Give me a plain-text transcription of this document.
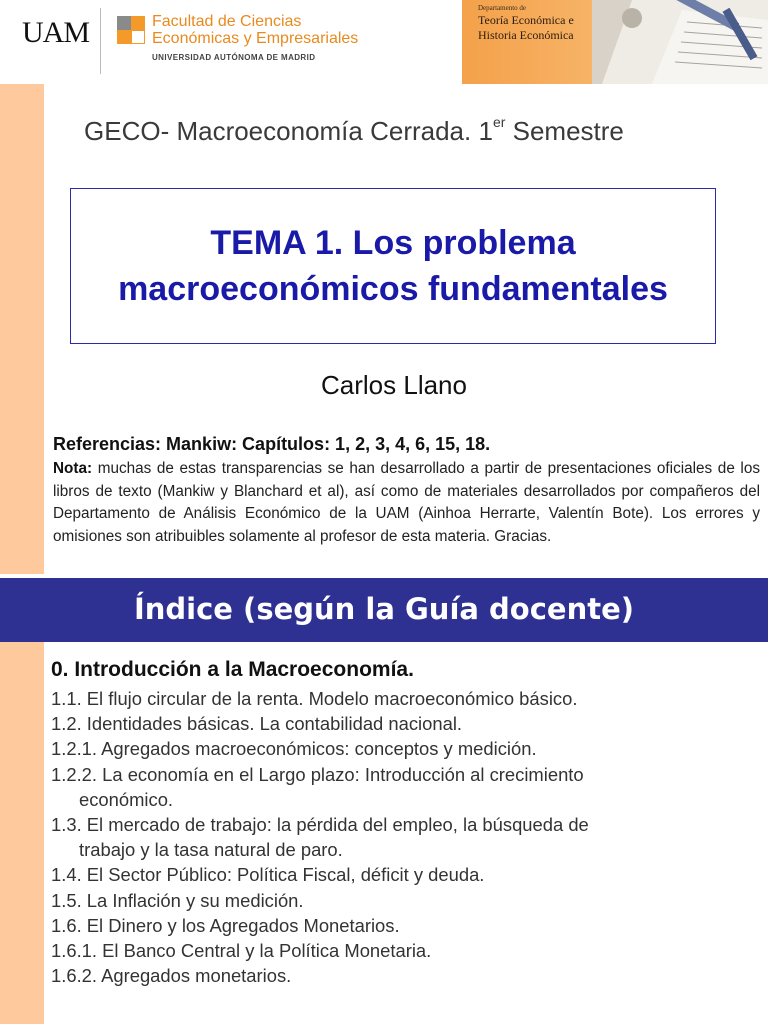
UAM	Facultad de Ciencias
Económicas y Empresariales
UNIVERSIDAD AUTÓNOMA DE MADRID
Departamento de
Teoría Económica e
Historia Económica
GECO- Macroeconomía Cerrada. 1er Semestre
TEMA 1. Los problema
macroeconómicos fundamentales
Carlos Llano
Referencias: Mankiw: Capítulos: 1, 2, 3, 4, 6, 15, 18.
Nota: muchas de estas transparencias se han desarrollado a partir de presentaciones oficiales de los libros de texto (Mankiw y Blanchard et al), así como de materiales desarrollados por compañeros del Departamento de Análisis Económico de la UAM (Ainhoa Herrarte, Valentín Bote). Los errores y omisiones son atribuibles solamente al profesor de esta materia. Gracias.
Índice (según la Guía docente)
0. Introducción a la Macroeconomía.
1.1. El flujo circular de la renta. Modelo macroeconómico básico.
1.2. Identidades básicas. La contabilidad nacional.
1.2.1. Agregados macroeconómicos: conceptos y medición.
1.2.2. La economía en el Largo plazo: Introducción al crecimiento
económico.
1.3. El mercado de trabajo: la pérdida del empleo, la búsqueda de
trabajo y la tasa natural de paro.
1.4. El Sector Público: Política Fiscal, déficit y deuda.
1.5. La Inflación y su medición.
1.6. El Dinero y los Agregados Monetarios.
1.6.1. El Banco Central y la Política Monetaria.
1.6.2. Agregados monetarios.
